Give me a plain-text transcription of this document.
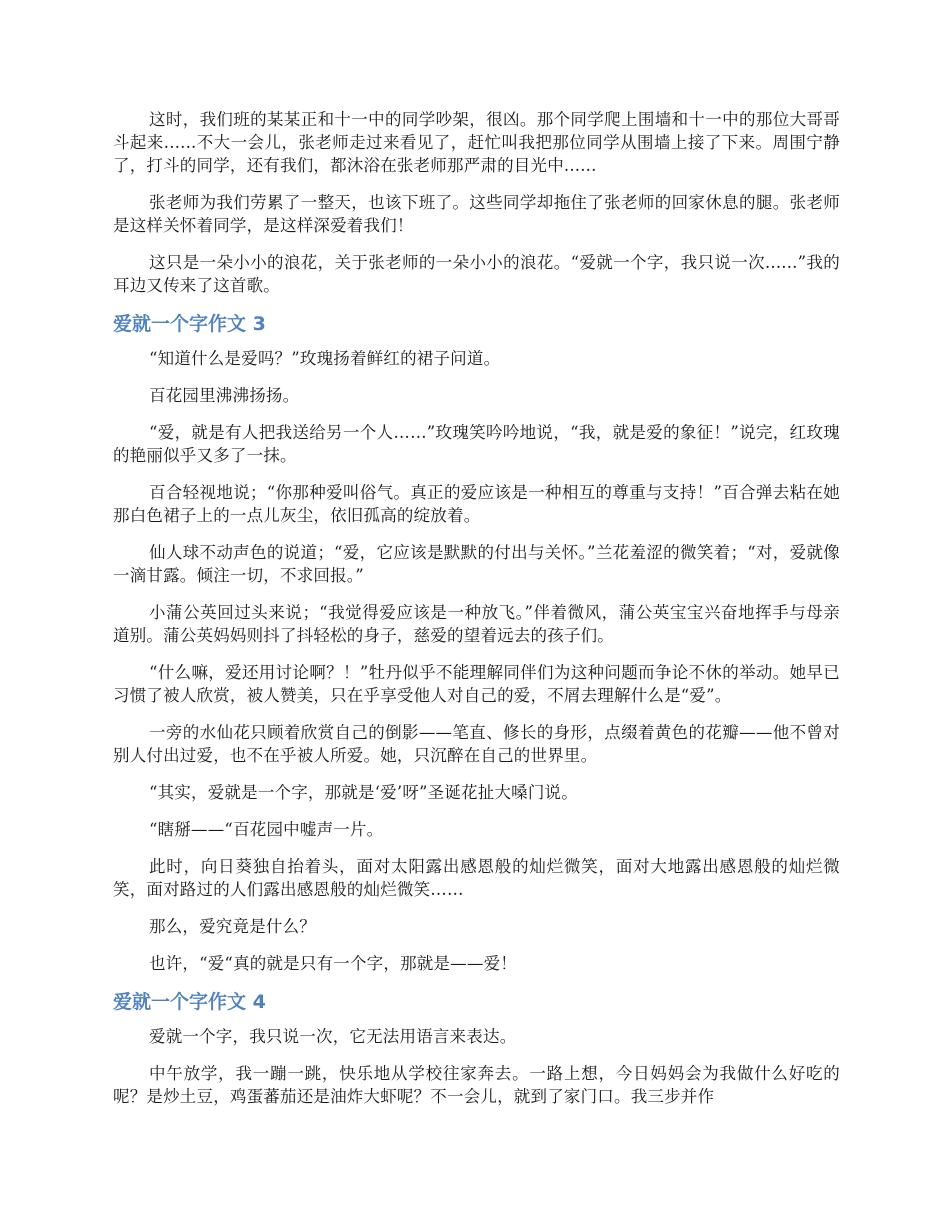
这时，我们班的某某正和十一中的同学吵架，很凶。那个同学爬上围墙和十一中的那位大哥哥斗起来......不大一会儿，张老师走过来看见了，赶忙叫我把那位同学从围墙上接了下来。周围宁静了，打斗的同学，还有我们，都沐浴在张老师那严肃的目光中......

张老师为我们劳累了一整天，也该下班了。这些同学却拖住了张老师的回家休息的腿。张老师是这样关怀着同学，是这样深爱着我们！

这只是一朵小小的浪花，关于张老师的一朵小小的浪花。“爱就一个字，我只说一次......”我的耳边又传来了这首歌。

爱就一个字作文 3

“知道什么是爱吗？”玫瑰扬着鲜红的裙子问道。

百花园里沸沸扬扬。

“爱，就是有人把我送给另一个人……”玫瑰笑吟吟地说，“我，就是爱的象征！”说完，红玫瑰的艳丽似乎又多了一抹。

百合轻视地说；“你那种爱叫俗气。真正的爱应该是一种相互的尊重与支持！”百合弹去粘在她那白色裙子上的一点儿灰尘，依旧孤高的绽放着。

仙人球不动声色的说道；“爱，它应该是默默的付出与关怀。”兰花羞涩的微笑着；“对，爱就像一滴甘露。倾注一切，不求回报。”

小蒲公英回过头来说；“我觉得爱应该是一种放飞。”伴着微风，蒲公英宝宝兴奋地挥手与母亲道别。蒲公英妈妈则抖了抖轻松的身子，慈爱的望着远去的孩子们。

“什么嘛，爱还用讨论啊？！”牡丹似乎不能理解同伴们为这种问题而争论不休的举动。她早已习惯了被人欣赏，被人赞美，只在乎享受他人对自己的爱，不屑去理解什么是“爱”。

一旁的水仙花只顾着欣赏自己的倒影——笔直、修长的身形，点缀着黄色的花瓣——他不曾对别人付出过爱，也不在乎被人所爱。她，只沉醉在自己的世界里。

“其实，爱就是一个字，那就是‘爱’呀”圣诞花扯大嗓门说。

“瞎掰——“百花园中嘘声一片。

此时，向日葵独自抬着头，面对太阳露出感恩般的灿烂微笑，面对大地露出感恩般的灿烂微笑，面对路过的人们露出感恩般的灿烂微笑……

那么，爱究竟是什么？

也许，“爱“真的就是只有一个字，那就是——爱！

爱就一个字作文 4

爱就一个字，我只说一次，它无法用语言来表达。

中午放学，我一蹦一跳，快乐地从学校往家奔去。一路上想，今日妈妈会为我做什么好吃的呢？是炒土豆，鸡蛋蕃茄还是油炸大虾呢？不一会儿，就到了家门口。我三步并作
